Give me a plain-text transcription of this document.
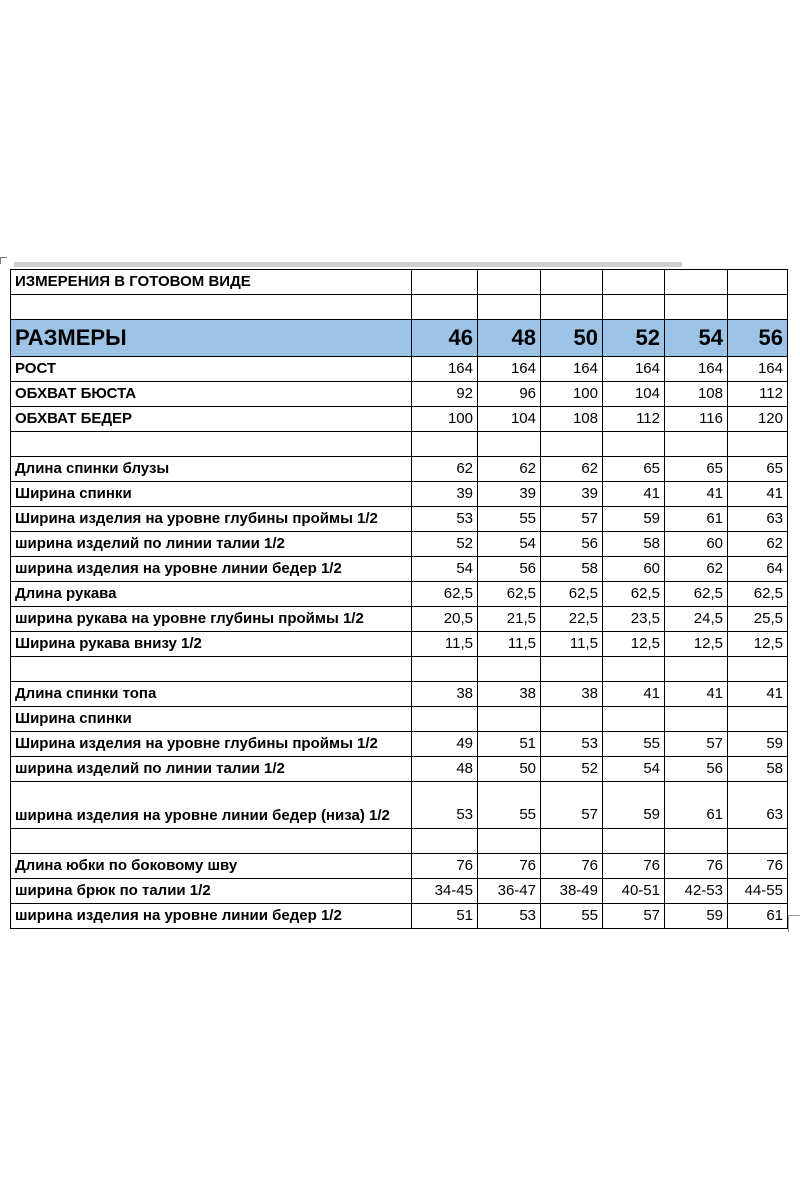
ИЗМЕРЕНИЯ В ГОТОВОМ ВИДЕ						

РАЗМЕРЫ	46	48	50	52	54	56
РОСТ	164	164	164	164	164	164
ОБХВАТ БЮСТА	92	96	100	104	108	112
ОБХВАТ БЕДЕР	100	104	108	112	116	120

Длина спинки блузы	62	62	62	65	65	65
Ширина спинки	39	39	39	41	41	41
Ширина изделия на уровне глубины проймы 1/2	53	55	57	59	61	63
ширина изделий по линии талии 1/2	52	54	56	58	60	62
ширина изделия на уровне линии бедер 1/2	54	56	58	60	62	64
Длина рукава	62,5	62,5	62,5	62,5	62,5	62,5
ширина рукава на уровне глубины проймы 1/2	20,5	21,5	22,5	23,5	24,5	25,5
Ширина рукава внизу 1/2	11,5	11,5	11,5	12,5	12,5	12,5

Длина спинки топа	38	38	38	41	41	41
Ширина спинки						
Ширина изделия на уровне глубины проймы 1/2	49	51	53	55	57	59
ширина изделий по линии талии 1/2	48	50	52	54	56	58
ширина изделия на уровне линии бедер (низа) 1/2	53	55	57	59	61	63

Длина юбки по боковому шву	76	76	76	76	76	76
ширина брюк по талии 1/2	34-45	36-47	38-49	40-51	42-53	44-55
ширина изделия на уровне линии бедер 1/2	51	53	55	57	59	61
